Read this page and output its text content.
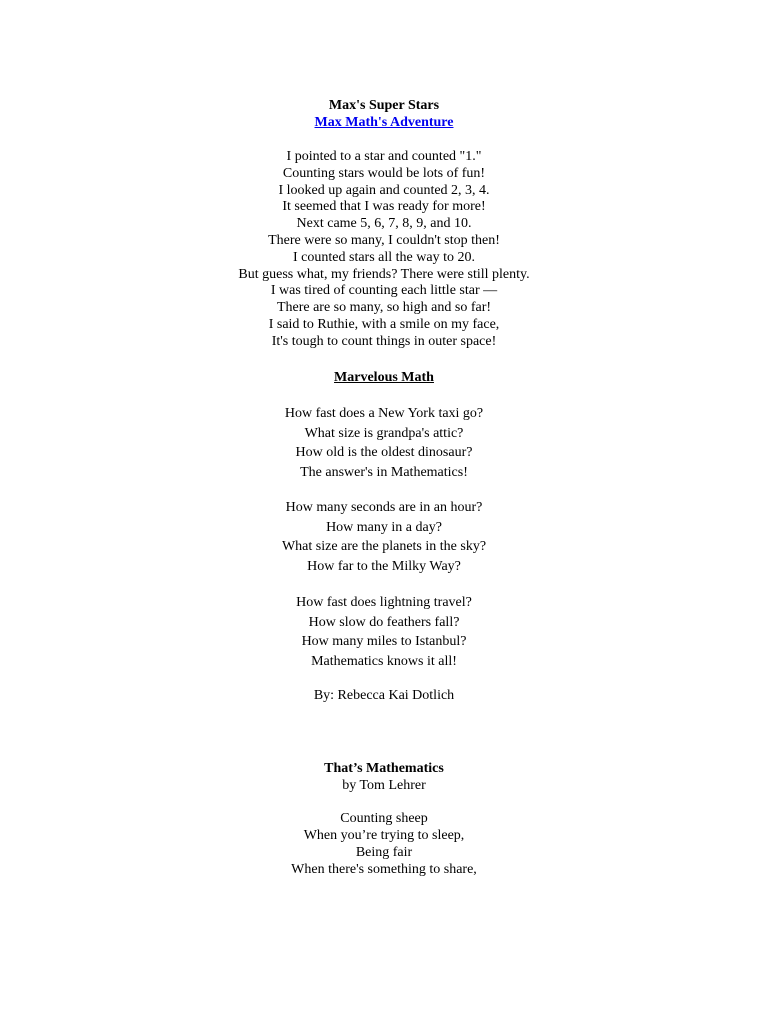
Max's Super Stars
Max Math's Adventure
I pointed to a star and counted "1."
Counting stars would be lots of fun!
I looked up again and counted 2, 3, 4.
It seemed that I was ready for more!
Next came 5, 6, 7, 8, 9, and 10.
There were so many, I couldn't stop then!
I counted stars all the way to 20.
But guess what, my friends? There were still plenty.
I was tired of counting each little star —
There are so many, so high and so far!
I said to Ruthie, with a smile on my face,
It's tough to count things in outer space!
Marvelous Math
How fast does a New York taxi go?
What size is grandpa's attic?
How old is the oldest dinosaur?
The answer's in Mathematics!
How many seconds are in an hour?
How many in a day?
What size are the planets in the sky?
How far to the Milky Way?
How fast does lightning travel?
How slow do feathers fall?
How many miles to Istanbul?
Mathematics knows it all!
By: Rebecca Kai Dotlich
That’s Mathematics
by Tom Lehrer
Counting sheep
When you’re trying to sleep,
Being fair
When there's something to share,
